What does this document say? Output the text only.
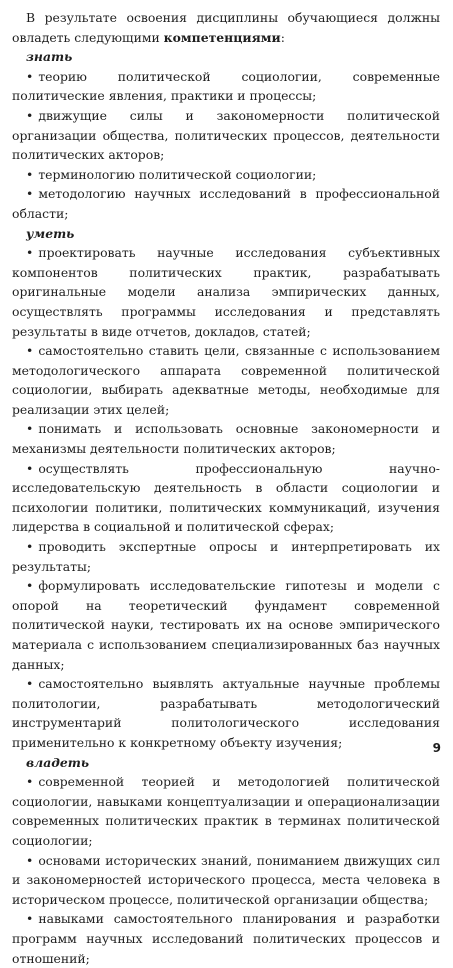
В результате освоения дисциплины обучающиеся должны овладеть следующими компетенциями:

знать

• теорию политической социологии, современные политические явления, практики и процессы;

• движущие силы и закономерности политической организации общества, политических процессов, деятельности политических акторов;

• терминологию политической социологии;

• методологию научных исследований в профессиональной области;

уметь

• проектировать научные исследования субъективных компонентов политических практик, разрабатывать оригинальные модели анализа эмпирических данных, осуществлять программы исследования и представлять результаты в виде отчетов, докладов, статей;

• самостоятельно ставить цели, связанные с использованием методологического аппарата современной политической социологии, выбирать адекватные методы, необходимые для реализации этих целей;

• понимать и использовать основные закономерности и механизмы деятельности политических акторов;

• осуществлять профессиональную научно-исследовательскую деятельность в области социологии и психологии политики, политических коммуникаций, изучения лидерства в социальной и политической сферах;

• проводить экспертные опросы и интерпретировать их результаты;

• формулировать исследовательские гипотезы и модели с опорой на теоретический фундамент современной политической науки, тестировать их на основе эмпирического материала с использованием специализированных баз научных данных;

• самостоятельно выявлять актуальные научные проблемы политологии, разрабатывать методологический инструментарий политологического исследования применительно к конкретному объекту изучения;

владеть

• современной теорией и методологией политической социологии, навыками концептуализации и операционализации современных политических практик в терминах политической социологии;

• основами исторических знаний, пониманием движущих сил и закономерностей исторического процесса, места человека в историческом процессе, политической организации общества;

• навыками самостоятельного планирования и разработки программ научных исследований политических процессов и отношений;

9
